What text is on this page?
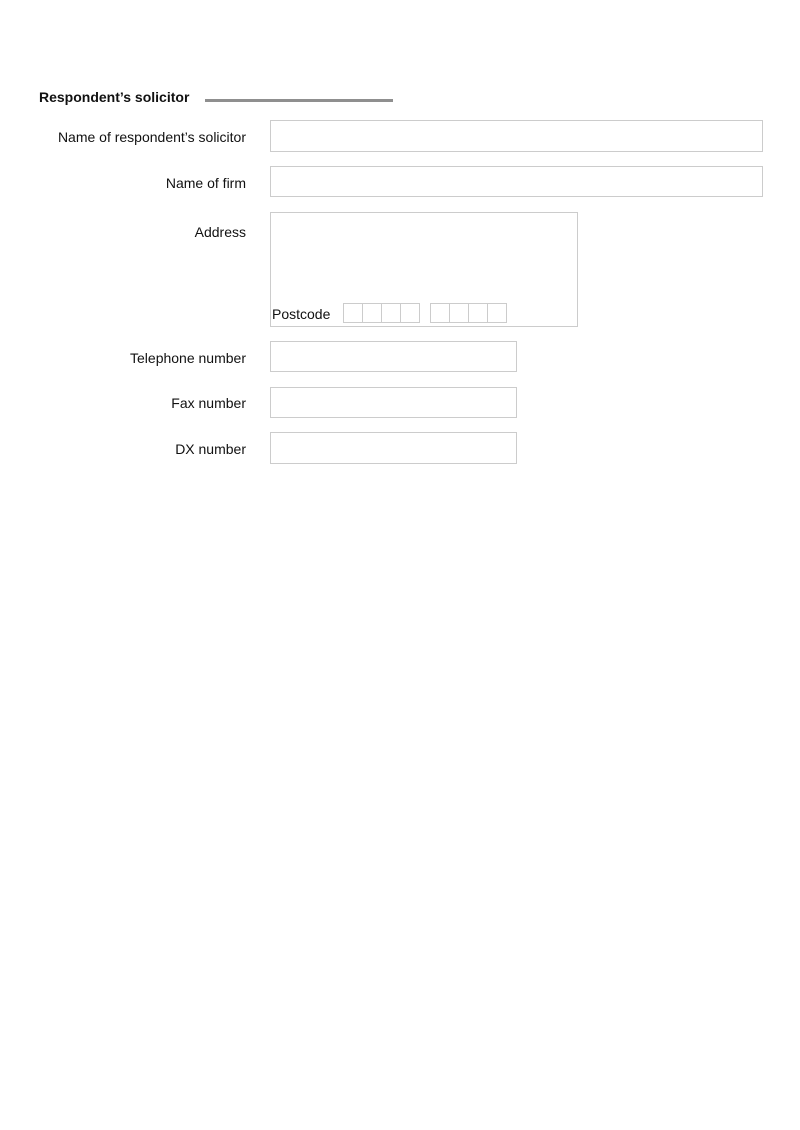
Respondent’s solicitor
Name of respondent’s solicitor
Name of firm
Address
Postcode
Telephone number
Fax number
DX number
